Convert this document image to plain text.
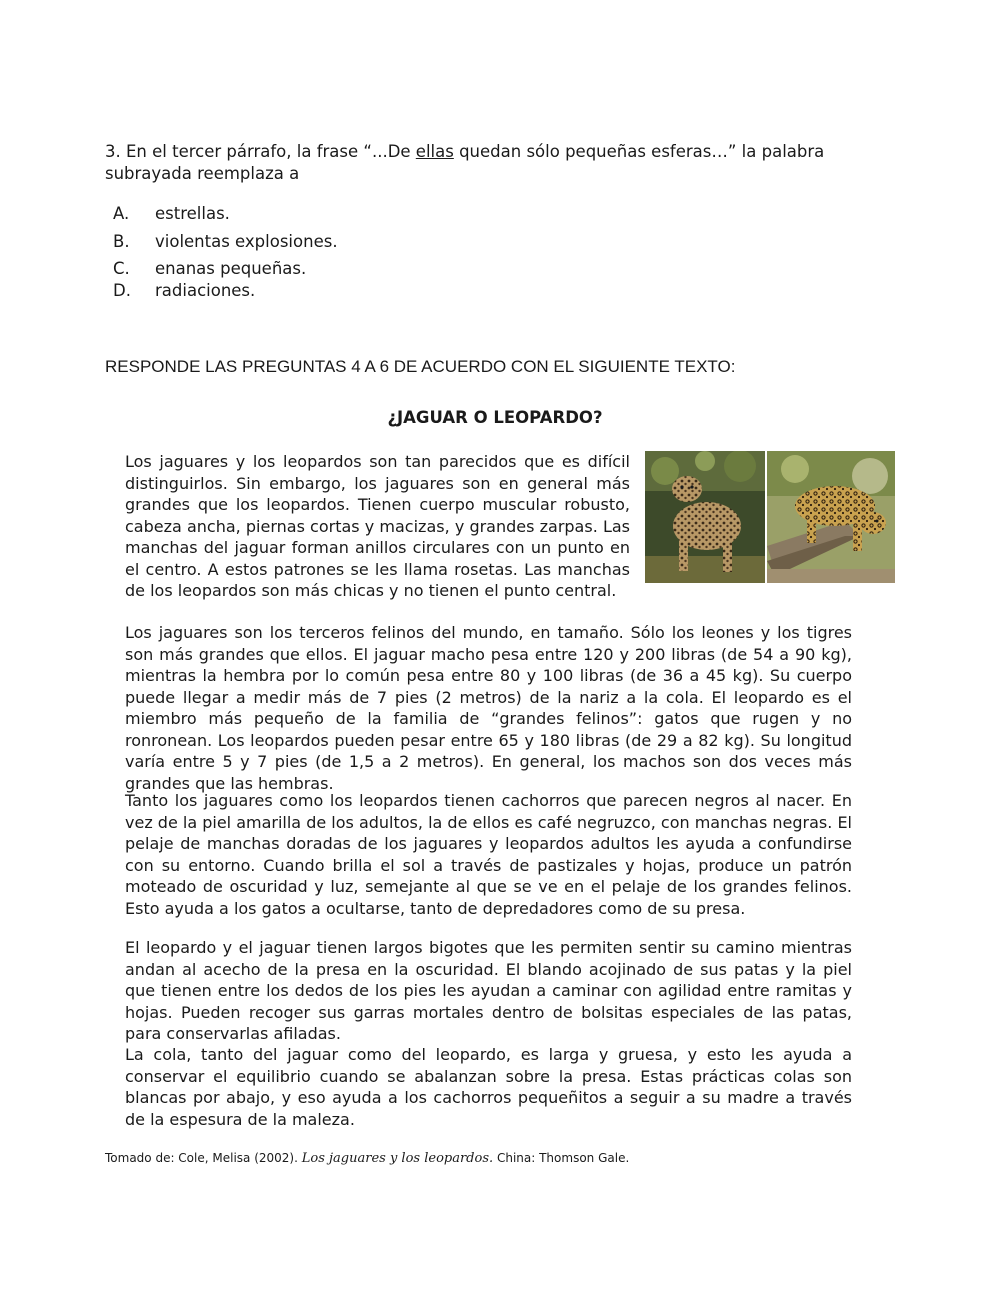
3. En el tercer párrafo, la frase “...De ellas quedan sólo pequeñas esferas…” la palabra subrayada reemplaza a
A. estrellas.
B. violentas explosiones.
C. enanas pequeñas.
D. radiaciones.
RESPONDE LAS PREGUNTAS 4 A 6 DE ACUERDO CON EL SIGUIENTE TEXTO:
¿JAGUAR O LEOPARDO?
Los jaguares y los leopardos son tan parecidos que es difícil distinguirlos. Sin embargo, los jaguares son en general más grandes que los leopardos. Tienen cuerpo muscular robusto, cabeza ancha, piernas cortas y macizas, y grandes zarpas. Las manchas del jaguar forman anillos circulares con un punto en el centro. A estos patrones se les llama rosetas. Las manchas de los leopardos son más chicas y no tienen el punto central.
Los jaguares son los terceros felinos del mundo, en tamaño. Sólo los leones y los tigres son más grandes que ellos. El jaguar macho pesa entre 120 y 200 libras (de 54 a 90 kg), mientras la hembra por lo común pesa entre 80 y 100 libras (de 36 a 45 kg). Su cuerpo puede llegar a medir más de 7 pies (2 metros) de la nariz a la cola. El leopardo es el miembro más pequeño de la familia de “grandes felinos”: gatos que rugen y no ronronean. Los leopardos pueden pesar entre 65 y 180 libras (de 29 a 82 kg). Su longitud varía entre 5 y 7 pies (de 1,5 a 2 metros). En general, los machos son dos veces más grandes que las hembras.
Tanto los jaguares como los leopardos tienen cachorros que parecen negros al nacer. En vez de la piel amarilla de los adultos, la de ellos es café negruzco, con manchas negras. El pelaje de manchas doradas de los jaguares y leopardos adultos les ayuda a confundirse con su entorno. Cuando brilla el sol a través de pastizales y hojas, produce un patrón moteado de oscuridad y luz, semejante al que se ve en el pelaje de los grandes felinos. Esto ayuda a los gatos a ocultarse, tanto de depredadores como de su presa.
El leopardo y el jaguar tienen largos bigotes que les permiten sentir su camino mientras andan al acecho de la presa en la oscuridad. El blando acojinado de sus patas y la piel que tienen entre los dedos de los pies les ayudan a caminar con agilidad entre ramitas y hojas. Pueden recoger sus garras mortales dentro de bolsitas especiales de las patas, para conservarlas afiladas.
La cola, tanto del jaguar como del leopardo, es larga y gruesa, y esto les ayuda a conservar el equilibrio cuando se abalanzan sobre la presa. Estas prácticas colas son blancas por abajo, y eso ayuda a los cachorros pequeñitos a seguir a su madre a través de la espesura de la maleza.
Tomado de: Cole, Melisa (2002). Los jaguares y los leopardos. China: Thomson Gale.
